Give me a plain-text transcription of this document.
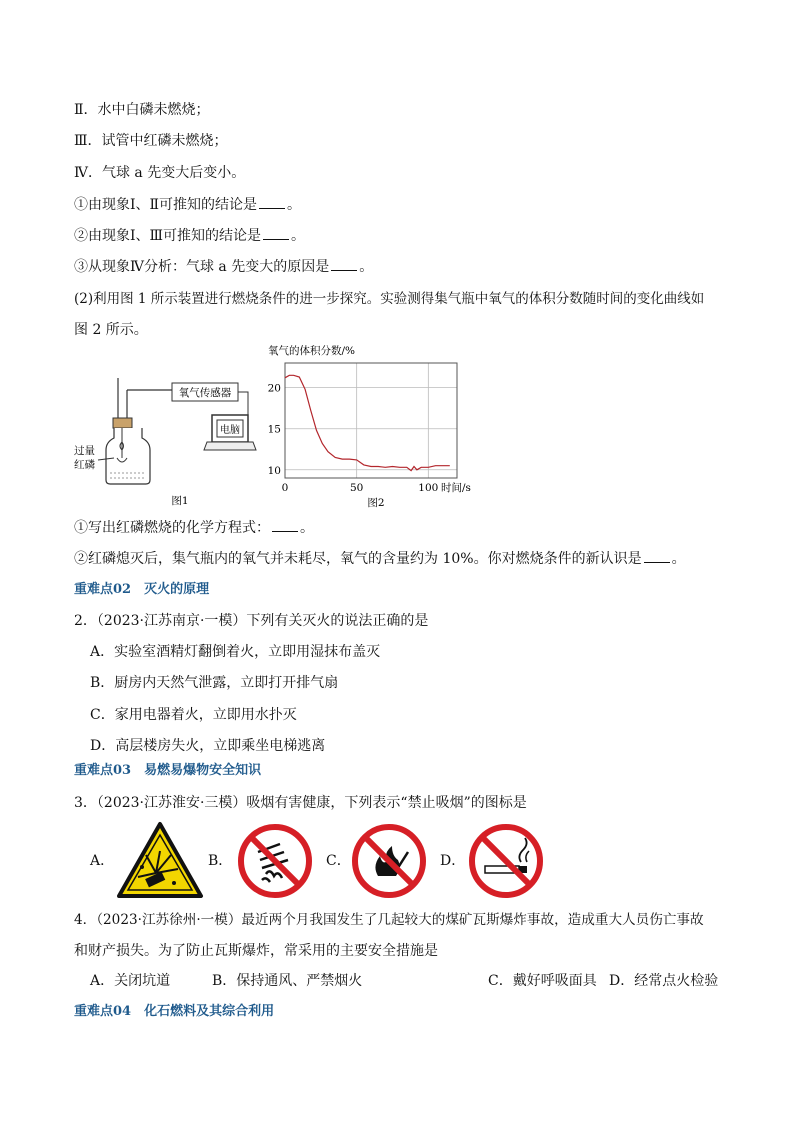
Ⅱ．水中白磷未燃烧；
Ⅲ．试管中红磷未燃烧；
Ⅳ．气球 a 先变大后变小。
①由现象Ⅰ、Ⅱ可推知的结论是 。
②由现象Ⅰ、Ⅲ可推知的结论是 。
③从现象Ⅳ分析：气球 a 先变大的原因是 。
(2)利用图 1 所示装置进行燃烧条件的进一步探究。实验测得集气瓶中氧气的体积分数随时间的变化曲线如
图 2 所示。
氧气传感器
电脑
过量
红磷
图1
氧气的体积分数/%
0	50	100
20
15
10
时间/s
图2
①写出红磷燃烧的化学方程式： 。
②红磷熄灭后，集气瓶内的氧气并未耗尽，氧气的含量约为 10%。你对燃烧条件的新认识是 。
重难点02　灭火的原理
2．（2023·江苏南京·一模）下列有关灭火的说法正确的是
A．实验室酒精灯翻倒着火，立即用湿抹布盖灭
B．厨房内天然气泄露，立即打开排气扇
C．家用电器着火，立即用水扑灭
D．高层楼房失火，立即乘坐电梯逃离
重难点03　易燃易爆物安全知识
3．（2023·江苏淮安·三模）吸烟有害健康，下列表示“禁止吸烟”的图标是
A．	B．	C．	D．
4．（2023·江苏徐州·一模）最近两个月我国发生了几起较大的煤矿瓦斯爆炸事故，造成重大人员伤亡事故
和财产损失。为了防止瓦斯爆炸，常采用的主要安全措施是
A．关闭坑道	B．保持通风、严禁烟火	C．戴好呼吸面具 D．经常点火检验
重难点04　化石燃料及其综合利用
